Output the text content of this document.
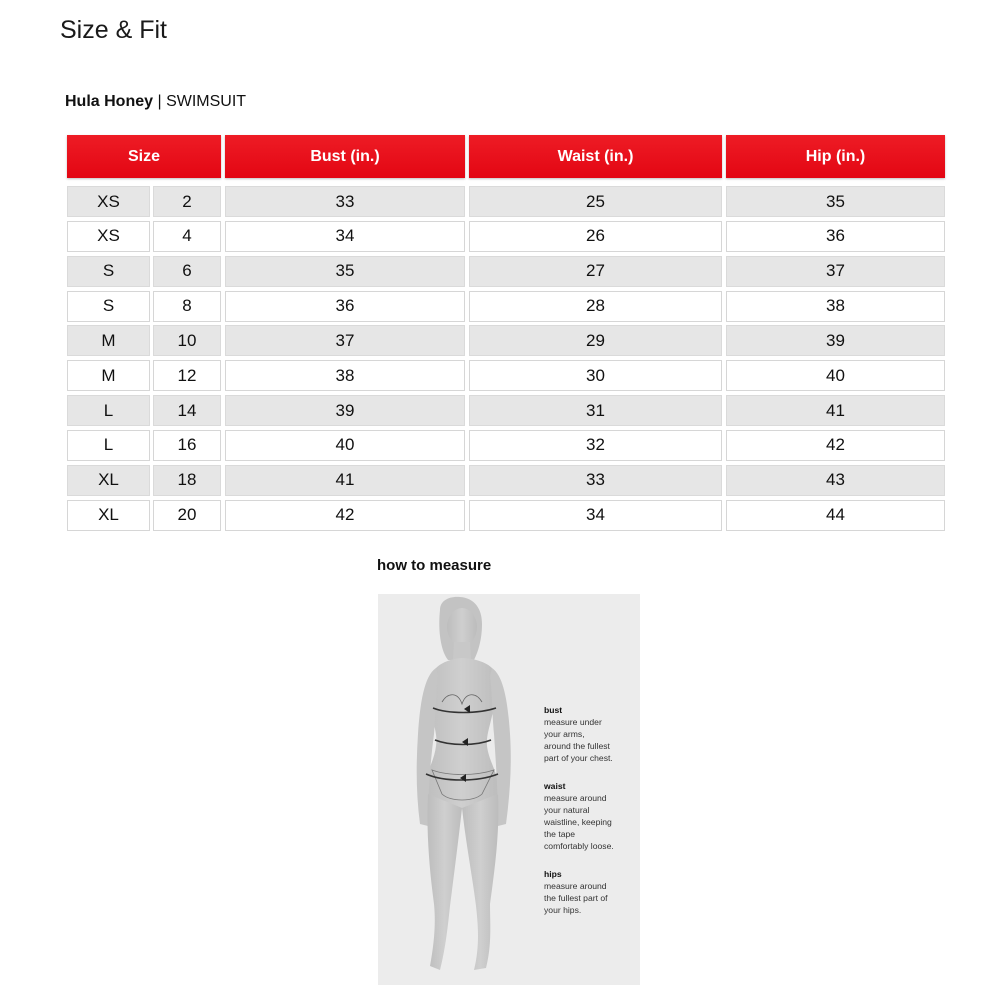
Size & Fit
Hula Honey | SWIMSUIT
Size	Bust (in.)	Waist (in.)	Hip (in.)
XS	2	33	25	35
XS	4	34	26	36
S	6	35	27	37
S	8	36	28	38
M	10	37	29	39
M	12	38	30	40
L	14	39	31	41
L	16	40	32	42
XL	18	41	33	43
XL	20	42	34	44
how to measure
bust
measure under
your arms,
around the fullest
part of your chest.
waist
measure around
your natural
waistline, keeping
the tape
comfortably loose.
hips
measure around
the fullest part of
your hips.
